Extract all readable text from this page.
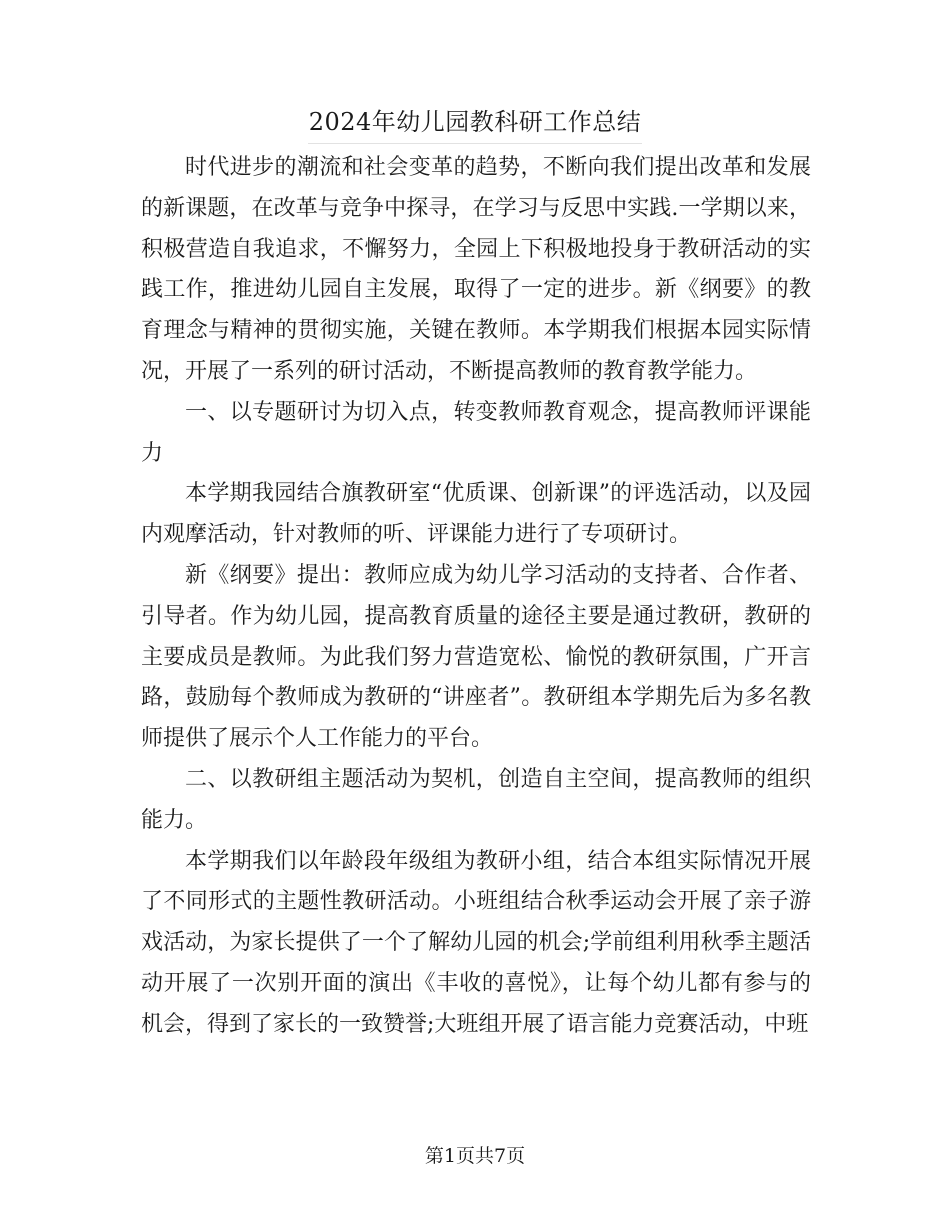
2024年幼儿园教科研工作总结

时代进步的潮流和社会变革的趋势，不断向我们提出改革和发展的新课题，在改革与竞争中探寻，在学习与反思中实践.一学期以来，积极营造自我追求，不懈努力，全园上下积极地投身于教研活动的实践工作，推进幼儿园自主发展，取得了一定的进步。新《纲要》的教育理念与精神的贯彻实施，关键在教师。本学期我们根据本园实际情况，开展了一系列的研讨活动，不断提高教师的教育教学能力。

一、以专题研讨为切入点，转变教师教育观念，提高教师评课能力

本学期我园结合旗教研室“优质课、创新课”的评选活动，以及园内观摩活动，针对教师的听、评课能力进行了专项研讨。

新《纲要》提出：教师应成为幼儿学习活动的支持者、合作者、引导者。作为幼儿园，提高教育质量的途径主要是通过教研，教研的主要成员是教师。为此我们努力营造宽松、愉悦的教研氛围，广开言路，鼓励每个教师成为教研的“讲座者”。教研组本学期先后为多名教师提供了展示个人工作能力的平台。

二、以教研组主题活动为契机，创造自主空间，提高教师的组织能力。

本学期我们以年龄段年级组为教研小组，结合本组实际情况开展了不同形式的主题性教研活动。小班组结合秋季运动会开展了亲子游戏活动，为家长提供了一个了解幼儿园的机会;学前组利用秋季主题活动开展了一次别开面的演出《丰收的喜悦》，让每个幼儿都有参与的机会，得到了家长的一致赞誉;大班组开展了语言能力竞赛活动，中班

第1页共7页
